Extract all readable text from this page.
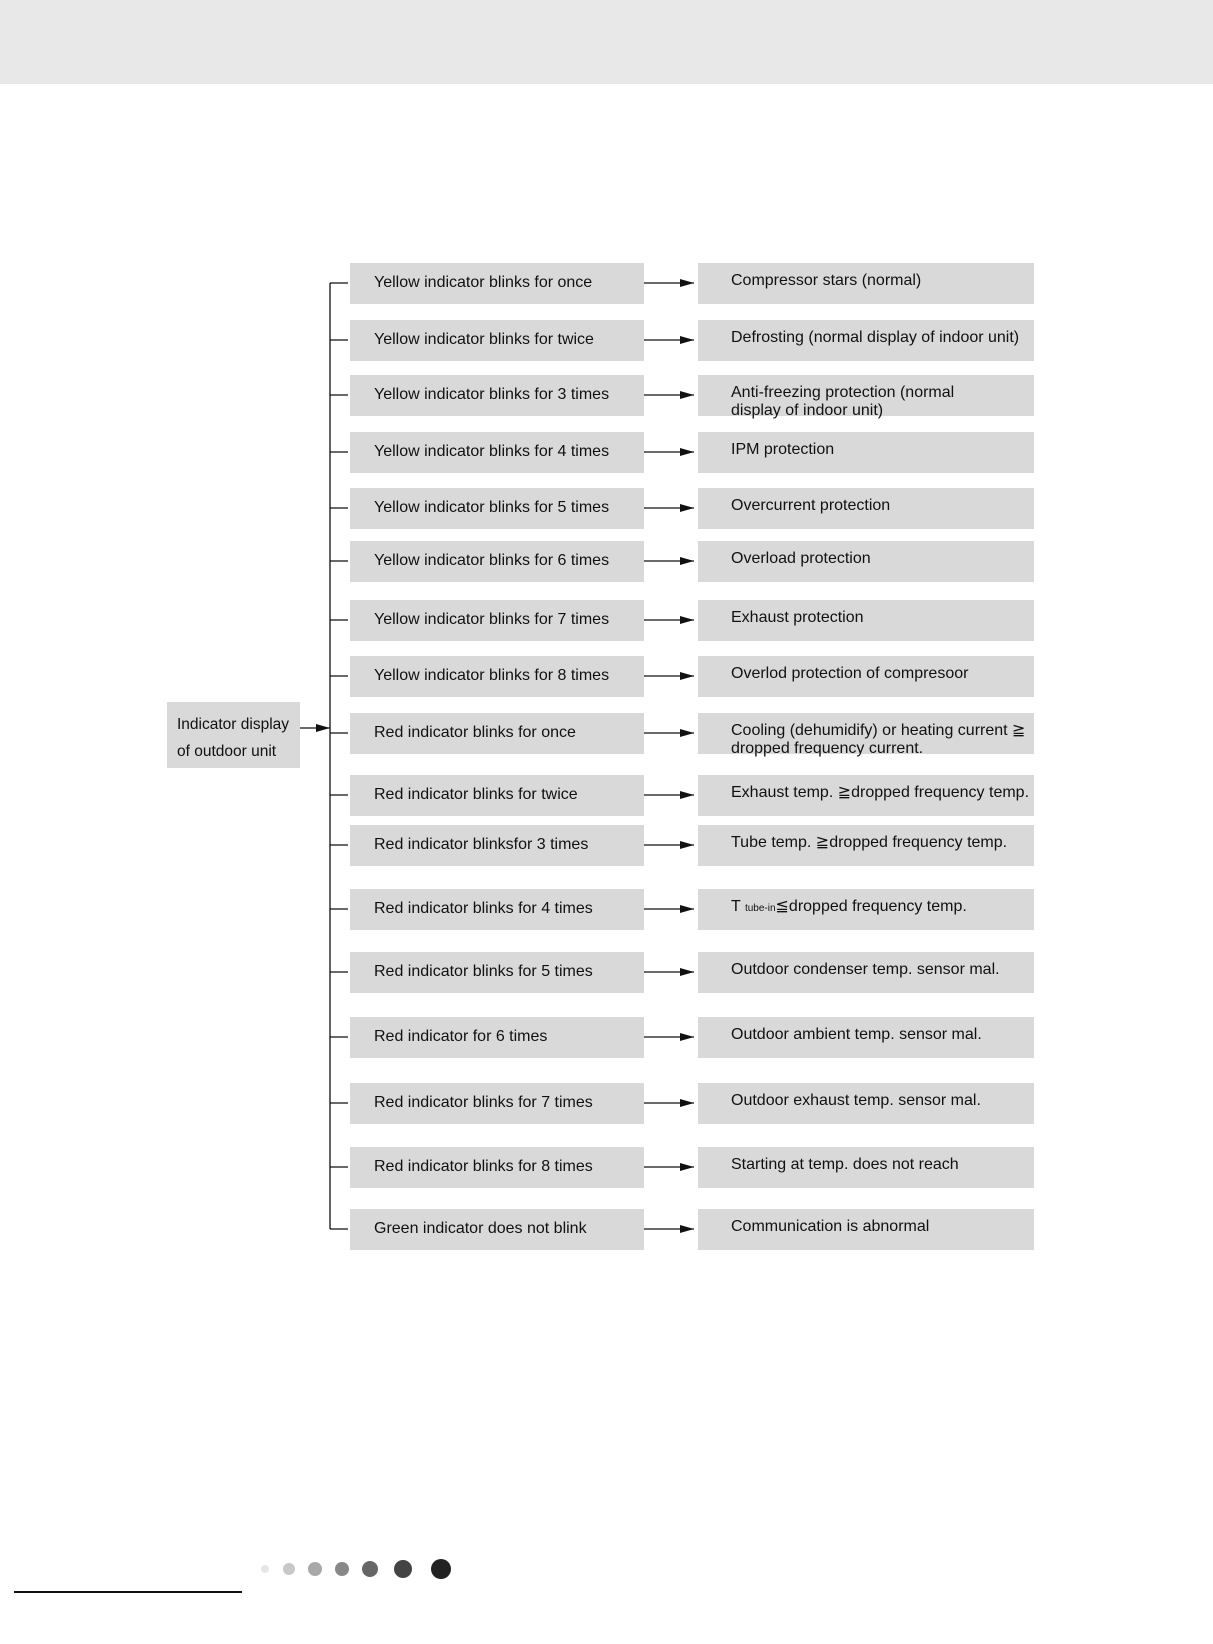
Indicator display
of outdoor unit
Yellow indicator blinks for once	Compressor stars (normal)
Yellow indicator blinks for twice	Defrosting (normal display of indoor unit)
Yellow indicator blinks for 3 times	Anti-freezing protection (normal
display of indoor unit)
Yellow indicator blinks for 4 times	IPM protection
Yellow indicator blinks for 5 times	Overcurrent protection
Yellow indicator blinks for 6 times	Overload protection
Yellow indicator blinks for 7 times	Exhaust protection
Yellow indicator blinks for 8 times	Overlod protection of compresoor
Red indicator blinks for once	Cooling (dehumidify) or heating current ≧
dropped frequency current.
Red indicator blinks for twice	Exhaust temp. ≧dropped frequency temp.
Red indicator blinksfor 3 times	Tube temp. ≧dropped frequency temp.
Red indicator blinks for 4 times	T tube-in≦dropped frequency temp.
Red indicator blinks for 5 times	Outdoor condenser temp. sensor mal.
Red indicator for 6 times	Outdoor ambient temp. sensor mal.
Red indicator blinks for 7 times	Outdoor exhaust temp. sensor mal.
Red indicator blinks for 8 times	Starting at temp. does not reach
Green indicator does not blink	Communication is abnormal
